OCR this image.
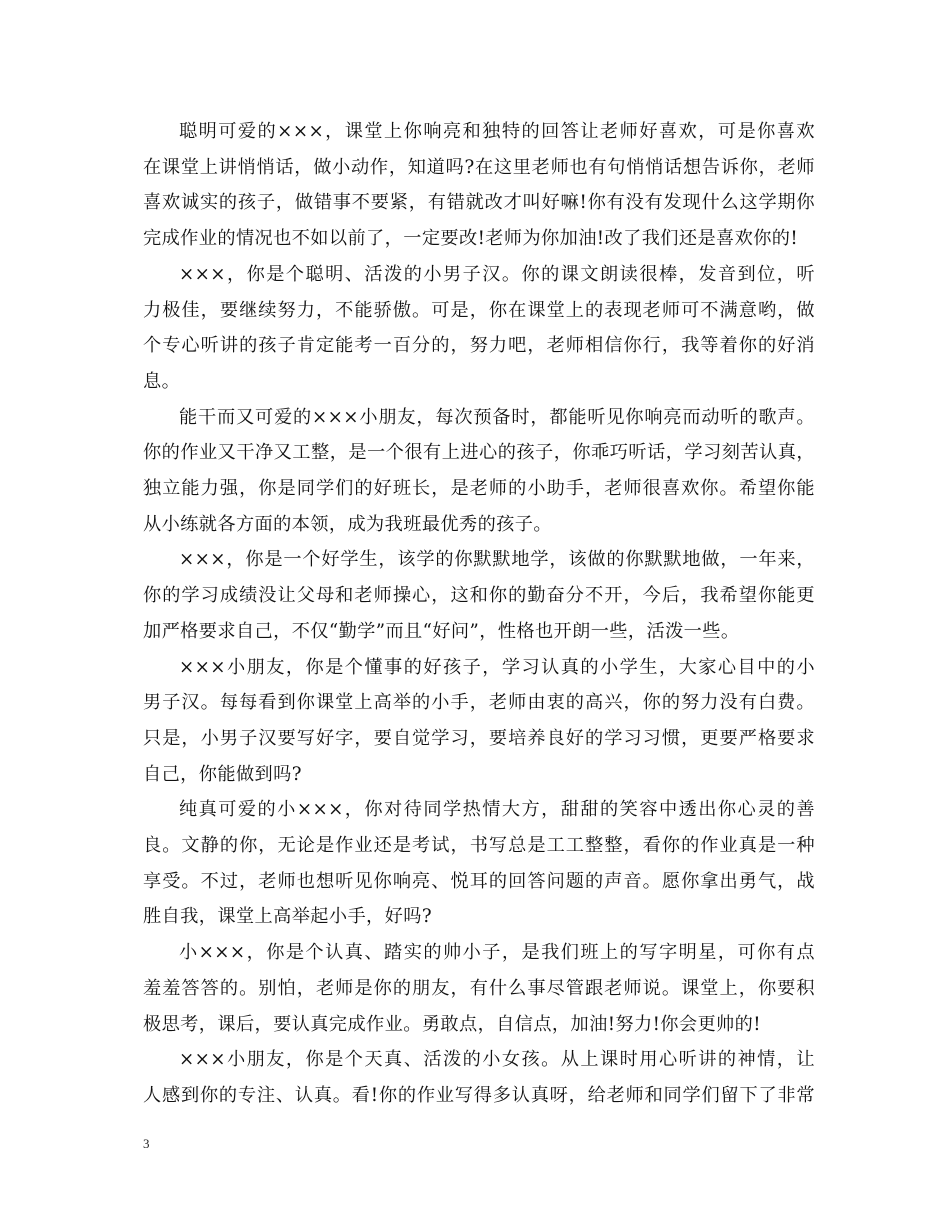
聪明可爱的×××，课堂上你响亮和独特的回答让老师好喜欢，可是你喜欢
在课堂上讲悄悄话，做小动作，知道吗?在这里老师也有句悄悄话想告诉你，老师
喜欢诚实的孩子，做错事不要紧，有错就改才叫好嘛!你有没有发现什么这学期你
完成作业的情况也不如以前了，一定要改!老师为你加油!改了我们还是喜欢你的!
×××，你是个聪明、活泼的小男子汉。你的课文朗读很棒，发音到位，听
力极佳，要继续努力，不能骄傲。可是，你在课堂上的表现老师可不满意哟，做
个专心听讲的孩子肯定能考一百分的，努力吧，老师相信你行，我等着你的好消
息。
能干而又可爱的×××小朋友，每次预备时，都能听见你响亮而动听的歌声。
你的作业又干净又工整，是一个很有上进心的孩子，你乖巧听话，学习刻苦认真，
独立能力强，你是同学们的好班长，是老师的小助手，老师很喜欢你。希望你能
从小练就各方面的本领，成为我班最优秀的孩子。
×××，你是一个好学生，该学的你默默地学，该做的你默默地做，一年来，
你的学习成绩没让父母和老师操心，这和你的勤奋分不开，今后，我希望你能更
加严格要求自己，不仅“勤学”而且“好问”，性格也开朗一些，活泼一些。
×××小朋友，你是个懂事的好孩子，学习认真的小学生，大家心目中的小
男子汉。每每看到你课堂上高举的小手，老师由衷的高兴，你的努力没有白费。
只是，小男子汉要写好字，要自觉学习，要培养良好的学习习惯，更要严格要求
自己，你能做到吗?
纯真可爱的小×××，你对待同学热情大方，甜甜的笑容中透出你心灵的善
良。文静的你，无论是作业还是考试，书写总是工工整整，看你的作业真是一种
享受。不过，老师也想听见你响亮、悦耳的回答问题的声音。愿你拿出勇气，战
胜自我，课堂上高举起小手，好吗?
小×××，你是个认真、踏实的帅小子，是我们班上的写字明星，可你有点
羞羞答答的。别怕，老师是你的朋友，有什么事尽管跟老师说。课堂上，你要积
极思考，课后，要认真完成作业。勇敢点，自信点，加油!努力!你会更帅的!
×××小朋友，你是个天真、活泼的小女孩。从上课时用心听讲的神情，让
人感到你的专注、认真。看!你的作业写得多认真呀，给老师和同学们留下了非常
3
